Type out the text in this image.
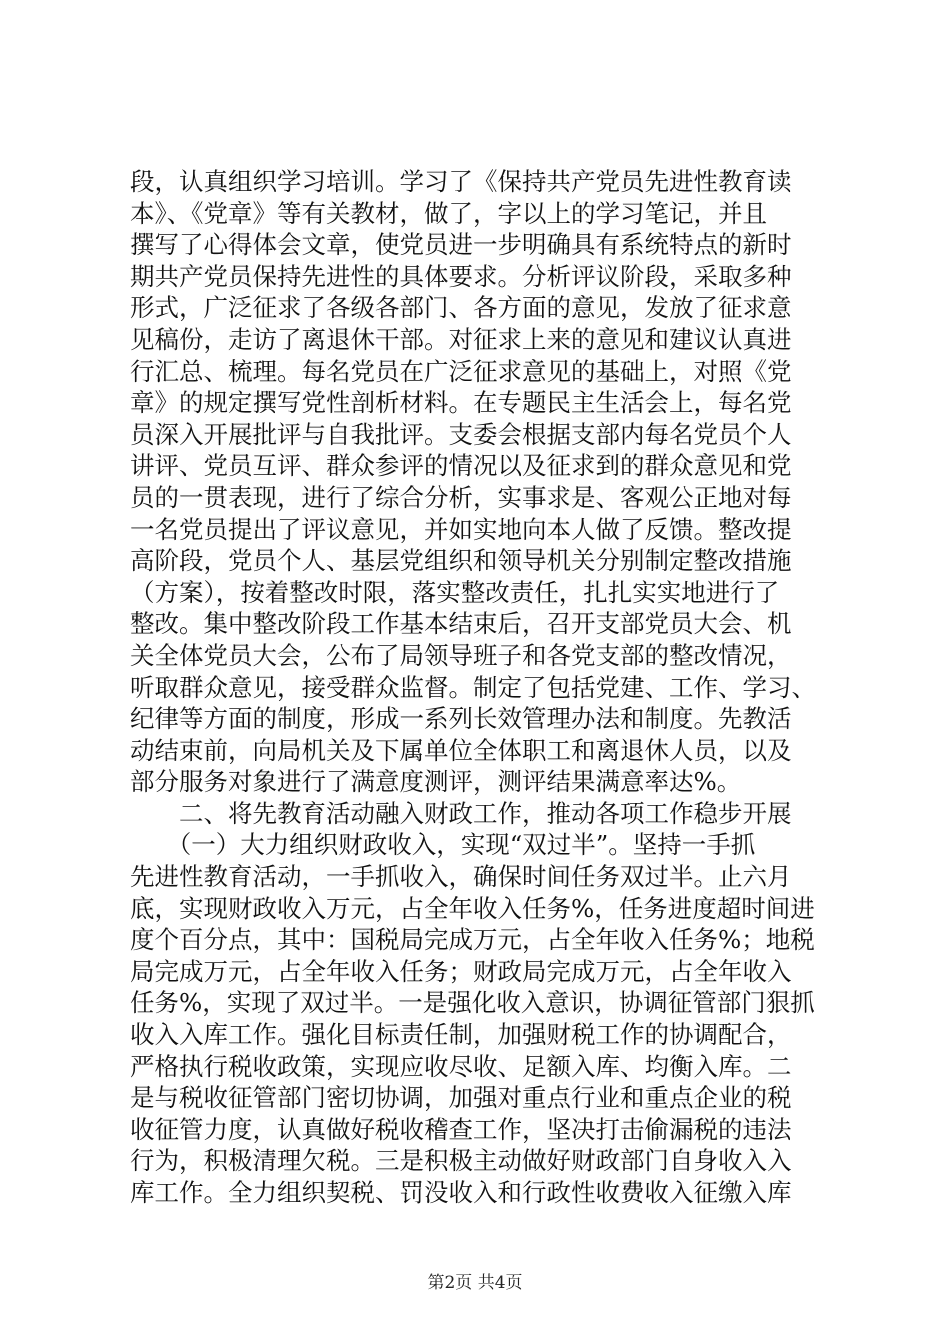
段，认真组织学习培训。学习了《保持共产党员先进性教育读
本》、《党章》等有关教材，做了，字以上的学习笔记，并且
撰写了心得体会文章，使党员进一步明确具有系统特点的新时
期共产党员保持先进性的具体要求。分析评议阶段，采取多种
形式，广泛征求了各级各部门、各方面的意见，发放了征求意
见稿份，走访了离退休干部。对征求上来的意见和建议认真进
行汇总、梳理。每名党员在广泛征求意见的基础上，对照《党
章》的规定撰写党性剖析材料。在专题民主生活会上，每名党
员深入开展批评与自我批评。支委会根据支部内每名党员个人
讲评、党员互评、群众参评的情况以及征求到的群众意见和党
员的一贯表现，进行了综合分析，实事求是、客观公正地对每
一名党员提出了评议意见，并如实地向本人做了反馈。整改提
高阶段，党员个人、基层党组织和领导机关分别制定整改措施
（方案），按着整改时限，落实整改责任，扎扎实实地进行了
整改。集中整改阶段工作基本结束后，召开支部党员大会、机
关全体党员大会，公布了局领导班子和各党支部的整改情况，
听取群众意见，接受群众监督。制定了包括党建、工作、学习、
纪律等方面的制度，形成一系列长效管理办法和制度。先教活
动结束前，向局机关及下属单位全体职工和离退休人员，以及
部分服务对象进行了满意度测评，测评结果满意率达%。
　　二、将先教育活动融入财政工作，推动各项工作稳步开展
　　（一）大力组织财政收入，实现“双过半”。坚持一手抓
先进性教育活动，一手抓收入，确保时间任务双过半。止六月
底，实现财政收入万元，占全年收入任务%，任务进度超时间进
度个百分点，其中：国税局完成万元，占全年收入任务%；地税
局完成万元，占全年收入任务；财政局完成万元，占全年收入
任务%，实现了双过半。一是强化收入意识，协调征管部门狠抓
收入入库工作。强化目标责任制，加强财税工作的协调配合，
严格执行税收政策，实现应收尽收、足额入库、均衡入库。二
是与税收征管部门密切协调，加强对重点行业和重点企业的税
收征管力度，认真做好税收稽查工作，坚决打击偷漏税的违法
行为，积极清理欠税。三是积极主动做好财政部门自身收入入
库工作。全力组织契税、罚没收入和行政性收费收入征缴入库
第2页 共4页
